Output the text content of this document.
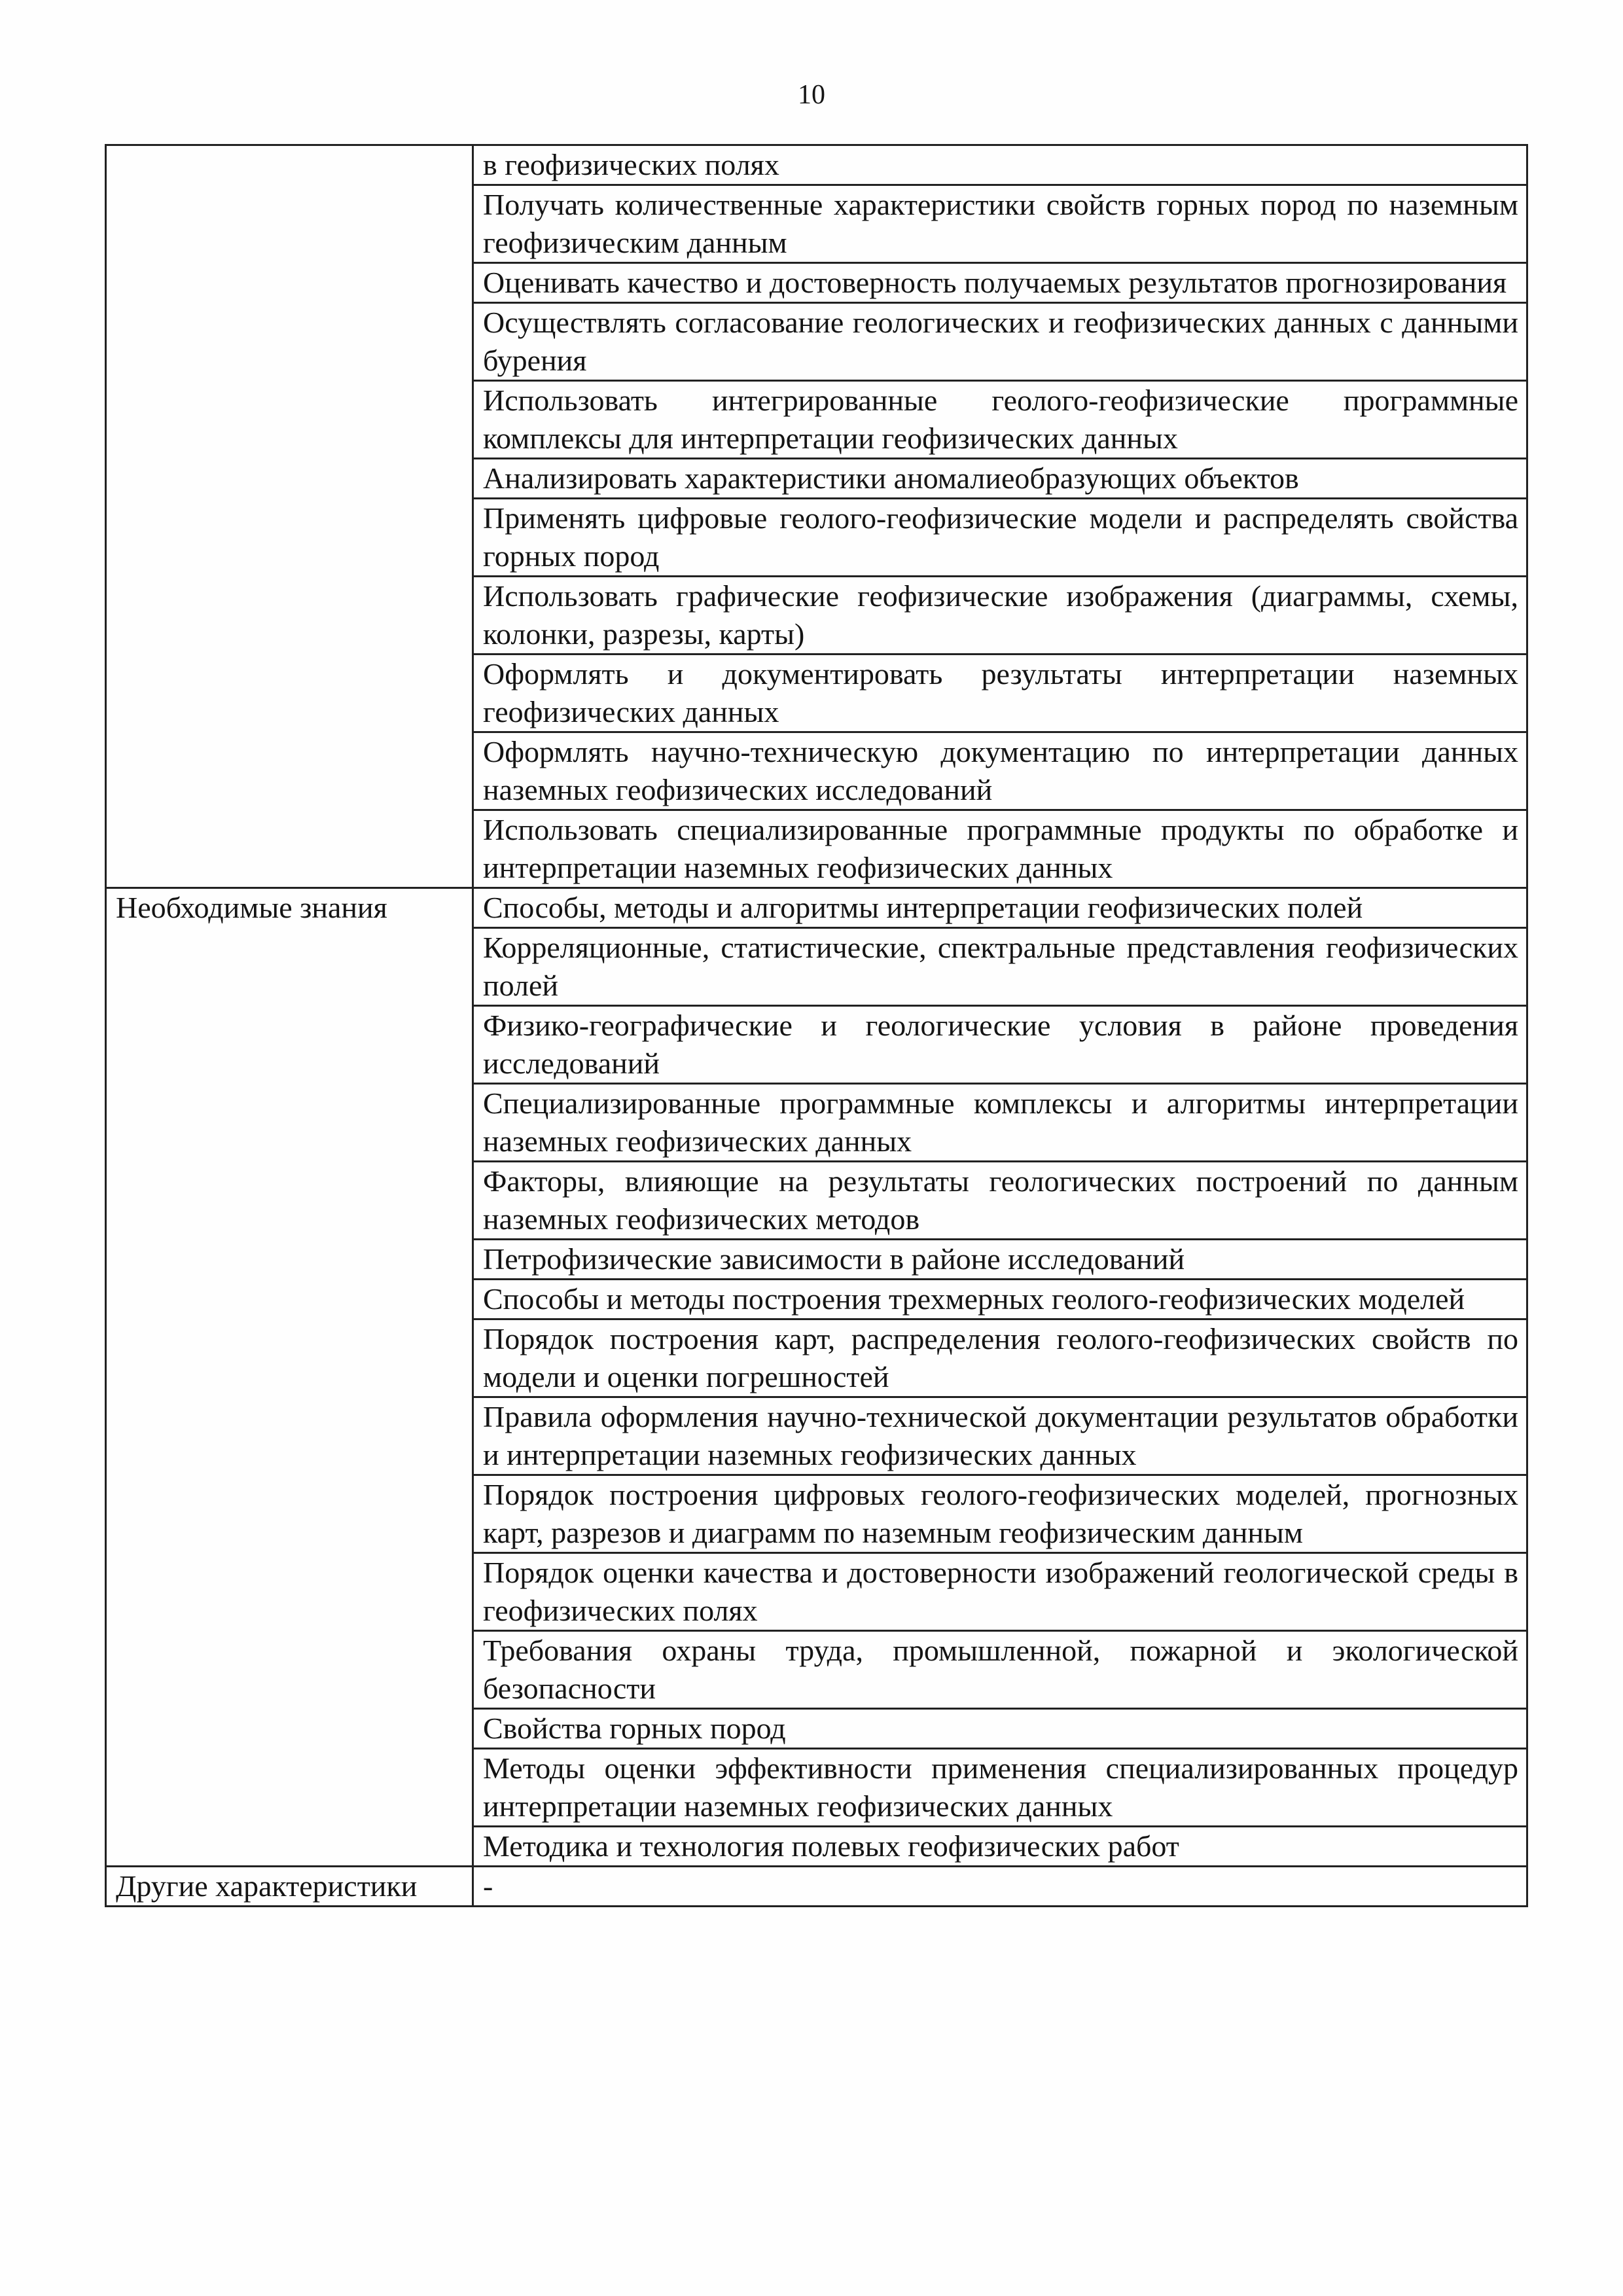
10
	в геофизических полях
	Получать количественные характеристики свойств горных пород по наземным геофизическим данным
	Оценивать качество и достоверность получаемых результатов прогнозирования
	Осуществлять согласование геологических и геофизических данных с данными бурения
	Использовать интегрированные геолого-геофизические программные комплексы для интерпретации геофизических данных
	Анализировать характеристики аномалиеобразующих объектов
	Применять цифровые геолого-геофизические модели и распределять свойства горных пород
	Использовать графические геофизические изображения (диаграммы, схемы, колонки, разрезы, карты)
	Оформлять и документировать результаты интерпретации наземных геофизических данных
	Оформлять научно-техническую документацию по интерпретации данных наземных геофизических исследований
	Использовать специализированные программные продукты по обработке и интерпретации наземных геофизических данных
Необходимые знания	Способы, методы и алгоритмы интерпретации геофизических полей
	Корреляционные, статистические, спектральные представления геофизических полей
	Физико-географические и геологические условия в районе проведения исследований
	Специализированные программные комплексы и алгоритмы интерпретации наземных геофизических данных
	Факторы, влияющие на результаты геологических построений по данным наземных геофизических методов
	Петрофизические зависимости в районе исследований
	Способы и методы построения трехмерных геолого-геофизических моделей
	Порядок построения карт, распределения геолого-геофизических свойств по модели и оценки погрешностей
	Правила оформления научно-технической документации результатов обработки и интерпретации наземных геофизических данных
	Порядок построения цифровых геолого-геофизических моделей, прогнозных карт, разрезов и диаграмм по наземным геофизическим данным
	Порядок оценки качества и достоверности изображений геологической среды в геофизических полях
	Требования охраны труда, промышленной, пожарной и экологической безопасности
	Свойства горных пород
	Методы оценки эффективности применения специализированных процедур интерпретации наземных геофизических данных
	Методика и технология полевых геофизических работ
Другие характеристики	-
